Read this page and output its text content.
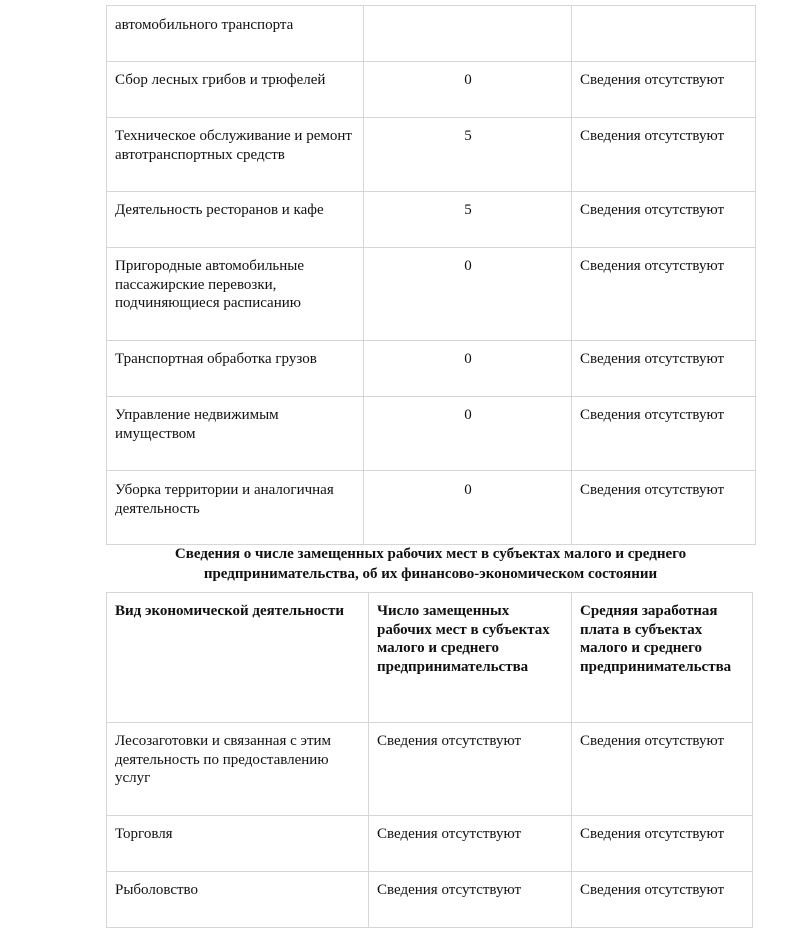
автомобильного транспорта		
Сбор лесных грибов и трюфелей	0	Сведения отсутствуют
Техническое обслуживание и ремонт автотранспортных средств	5	Сведения отсутствуют
Деятельность ресторанов и кафе	5	Сведения отсутствуют
Пригородные автомобильные пассажирские перевозки, подчиняющиеся расписанию	0	Сведения отсутствуют
Транспортная обработка грузов	0	Сведения отсутствуют
Управление недвижимым имуществом	0	Сведения отсутствуют
Уборка территории и аналогичная деятельность	0	Сведения отсутствуют
Сведения о числе замещенных рабочих мест в субъектах малого и среднего предпринимательства, об их финансово-экономическом состоянии
Вид экономической деятельности	Число замещенных рабочих мест в субъектах малого и среднего предпринимательства	Средняя заработная плата в субъектах малого и среднего предпринимательства
Лесозаготовки и связанная с этим деятельность по предоставлению услуг	Сведения отсутствуют	Сведения отсутствуют
Торговля	Сведения отсутствуют	Сведения отсутствуют
Рыболовство	Сведения отсутствуют	Сведения отсутствуют
